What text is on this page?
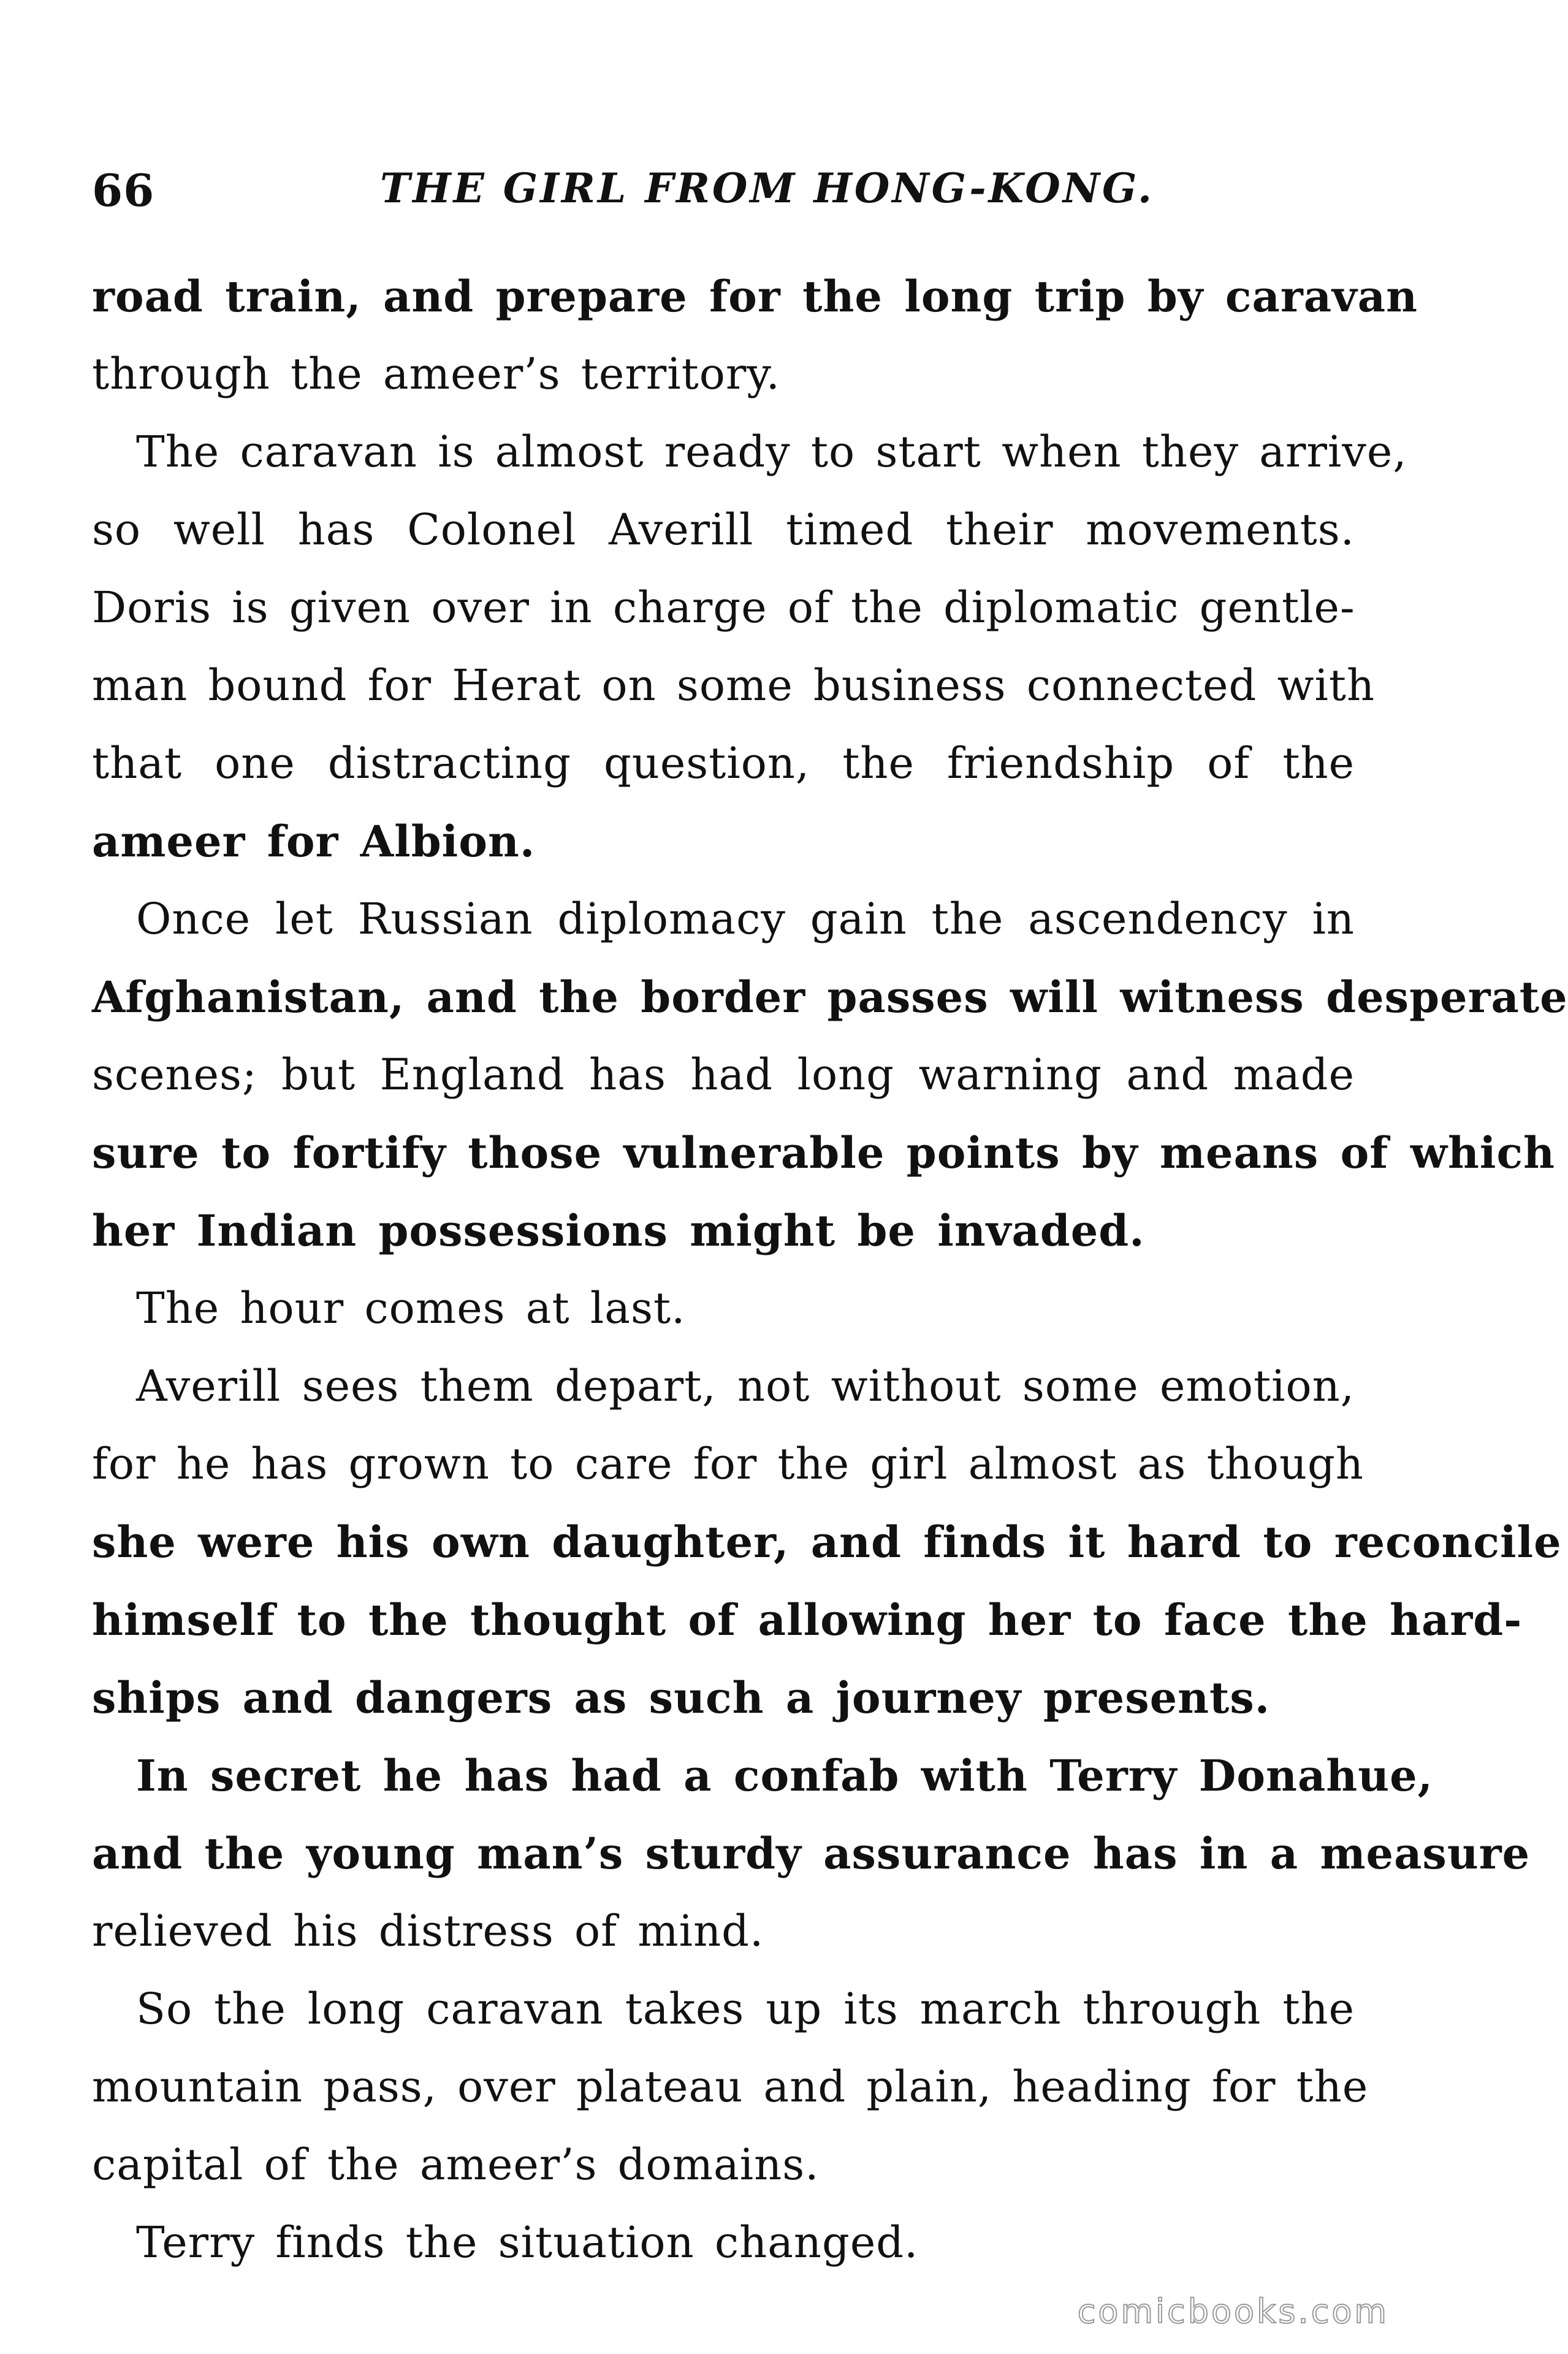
66	THE GIRL FROM HONG-KONG.
road train, and prepare for the long trip by caravan
through the ameer’s territory.
The caravan is almost ready to start when they arrive,
so well has Colonel Averill timed their movements.
Doris is given over in charge of the diplomatic gentle-
man bound for Herat on some business connected with
that one distracting question, the friendship of the
ameer for Albion.
Once let Russian diplomacy gain the ascendency in
Afghanistan, and the border passes will witness desperate
scenes; but England has had long warning and made
sure to fortify those vulnerable points by means of which
her Indian possessions might be invaded.
The hour comes at last.
Averill sees them depart, not without some emotion,
for he has grown to care for the girl almost as though
she were his own daughter, and finds it hard to reconcile
himself to the thought of allowing her to face the hard-
ships and dangers as such a journey presents.
In secret he has had a confab with Terry Donahue,
and the young man’s sturdy assurance has in a measure
relieved his distress of mind.
So the long caravan takes up its march through the
mountain pass, over plateau and plain, heading for the
capital of the ameer’s domains.
Terry finds the situation changed.
comicbooks.com
